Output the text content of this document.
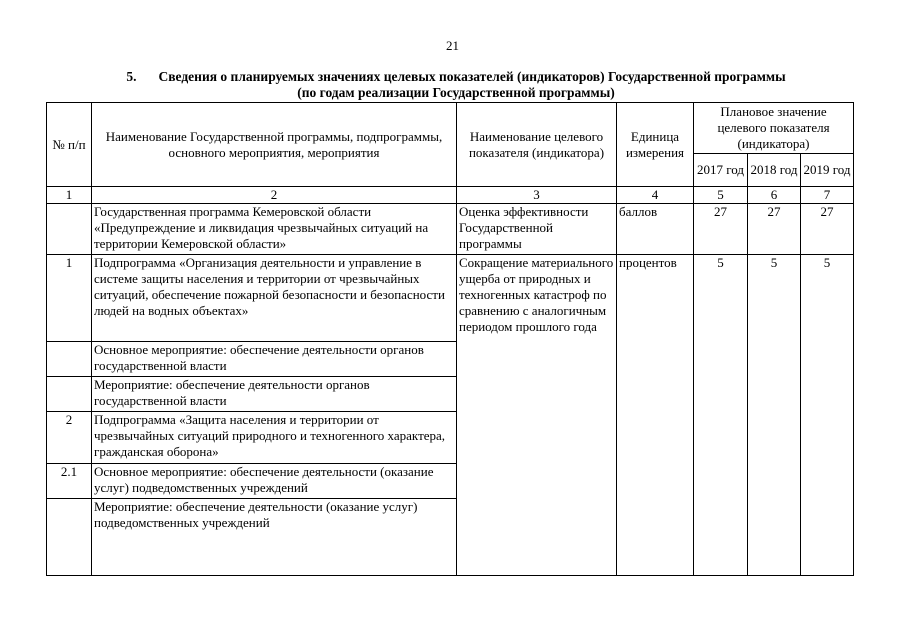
21
5. Сведения о планируемых значениях целевых показателей (индикаторов) Государственной программы
(по годам реализации Государственной программы)
№ п/п	Наименование Государственной программы, подпрограммы, основного мероприятия, мероприятия	Наименование целевого показателя (индикатора)	Единица измерения	Плановое значение целевого показателя (индикатора)		
				2017 год	2018 год	2019 год
1	2	3	4	5	6	7
	Государственная программа Кемеровской области «Предупреждение и ликвидация чрезвычайных ситуаций на территории Кемеровской области»	Оценка эффективности Государственной программы	баллов	27	27	27
1	Подпрограмма «Организация деятельности и управление в системе защиты населения и территории от чрезвычайных ситуаций, обеспечение пожарной безопасности и безопасности людей на водных объектах»	Сокращение материального ущерба от природных и техногенных катастроф по сравнению с аналогичным периодом прошлого года	процентов	5	5	5
	Основное мероприятие: обеспечение деятельности органов государственной власти					
	Мероприятие: обеспечение деятельности органов государственной власти					
2	Подпрограмма «Защита населения и территории от чрезвычайных ситуаций природного и техногенного характера, гражданская оборона»					
2.1	Основное мероприятие: обеспечение деятельности (оказание услуг) подведомственных учреждений					
	Мероприятие: обеспечение деятельности (оказание услуг) подведомственных учреждений					
